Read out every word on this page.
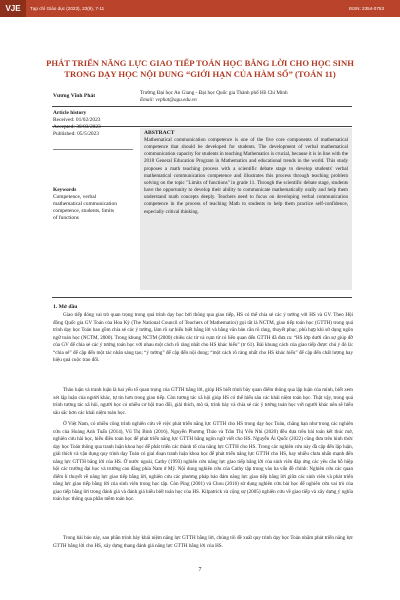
VJE	Tạp chí Giáo dục (2023), 23(9), 7-11	ISSN: 2354-0753
PHÁT TRIỂN NĂNG LỰC GIAO TIẾP TOÁN HỌC BẰNG LỜI CHO HỌC SINH
TRONG DẠY HỌC NỘI DUNG “GIỚI HẠN CỦA HÀM SỐ” (TOÁN 11)
Vương Vĩnh Phát	Trường Đại học An Giang - Đại học Quốc gia Thành phố Hồ Chí Minh
Email: vvphat@agu.edu.vn
Article history
Received: 01/02/2023
Accepted: 30/03/2023
Published: 05/5/2023
Keywords
Competence, verbal
mathematical communication
competence, students, limits
of functions
ABSTRACT
Mathematical communication competence is one of the five core components of mathematical competence that should be developed for students. The development of verbal mathematical communication capacity for students in teaching Mathematics is crucial, because it is in line with the 2018 General Education Program in Mathematics and educational trends in the world. This study proposes a math teaching process with a scientific debate stage to develop students' verbal mathematical communication competence and illustrates this process through teaching problem solving on the topic "Limits of functions" in grade 11. Through the scientific debate stage, students have the opportunity to develop their ability to communicate mathematically orally and help them understand math concepts deeply. Teachers need to focus on developing verbal communication competence in the process of teaching Math to students to help them practice self-confidence, especially critical thinking.
1. Mở đầu
Giao tiếp đóng vai trò quan trọng trong quá trình dạy học bởi thông qua giao tiếp, HS có thể chia sẻ các ý tưởng với HS và GV. Theo Hội đồng Quốc gia GV Toán của Hoa Kỳ (The National Council of Teachers of Mathematics) gọi tắt là NCTM, giao tiếp toán học (GTTH) trong quá trình dạy học Toán bao gồm chia sẻ các ý tưởng, làm rõ sự hiểu biết bằng lời và bằng văn bản cần rõ ràng, thuyết phục, phù hợp khi sử dụng ngôn ngữ toán học (NCTM, 2000). Trong khung NCTM (2000) chiêu các từ và cụm từ có liên quan đến GTTH đã đưa ra: “HS lớp dưới cần sự giúp đỡ của GV để chia sẻ các ý tưởng toán học với nhau một cách rõ ràng nhất cho HS khác hiểu” (tr 61). Bài khung cách của giao tiếp được chú ý đó là: “chia sẻ” để cập đến một tác nhân sáng tạo; “ý tưởng” để cập đến nội dung; “một cách rõ ràng nhất cho HS khác hiểu” để cập đến chất lượng hay hiệu quả cuộc trao đổi.
Thảo luận và tranh luận là hai yếu tố quan trọng của GTTH bằng lời, giúp HS biết trình bày quan điểm thông qua lập luận của mình, biết xem xét lập luận của người khác, tự tin hơn trong giao tiếp. Còn tương tác xã hội giúp HS có thể hiểu sâu các khái niệm toán học. Thật vậy, trong quá trình tương tác xã hội, người học có nhiều cơ hội trao đổi, giải thích, mô tả, trình bày và chia sẻ các ý tưởng toán học với người khác nên sẽ hiểu sâu sắc hơn các khái niệm toán học.
Ở Việt Nam, có nhiều công trình nghiên cứu về việc phát triển năng lực GTTH cho HS trong dạy học Toán, chẳng hạn như trong các nghiên cứu của Hoàng Anh Tuấn (2014), Vũ Thị Bình (2016), Nguyễn Phương Thảo và Trần Thị Yến Nhi (2020) đều dựa trên bài toán kết thúc mở, nghiên cứu hài học, hiểu điều toán học để phát triển năng lực GTTH bằng ngôn ngữ viết cho HS. Nguyễn Ái Quốc (2022) cũng đưa trên hình thức dạy học Toán thông qua tranh luận khoa học để phát triển các thành tố của năng lực GTTH cho HS. Trong các nghiên cứu này đã cập đến lập luận, giải thích và vận dụng quy trình dạy Toán có giai đoạn tranh luận khoa học để phát triển năng lực GTTH cho HS, hay nhiều chưa nhấn mạnh đến năng lực GTTH bằng lời của HS. Ở nước ngoài, Cathy (1993) nghiên cứu năng lực giao tiếp bằng lời của sinh viên đáp ứng các yêu cầu hỗ hiệp hội các trường đại học và trường cao đẳng phía Nam ở Mỹ. Nội dung nghiên cứu của Cathy tập trung vào ba vấn đề chính: Nghiên cứu các quan điểm lí thuyết về năng lực giao tiếp bằng lời, nghiên cứu các phương pháp bảo đảm năng lực giao tiếp bằng lời giữa các sinh viên và phát triển năng lực giao tiếp bằng lời của sinh viên trong học tập. Còn Ping (2001) và Chou (2016) sử dụng nghiên cứu bài học để nghiên cứu vai trò của giao tiếp bằng lời trong đánh giá và đánh giá hiểu biết toán học của HS. Kilpatrick và cộng sự (2005) nghiên cứu về giao tiếp và xây dựng ý nghĩa toán học thông qua phần mềm toán học.
Trong bài báo này, sau phần trình bày khái niệm năng lực GTTH bằng lời, chúng tôi đề xuất quy trình dạy học Toán nhằm phát triển năng lực GTTH bằng lời cho HS, xây dựng thang đánh giá năng lực GTTH bằng lời của HS.
7
